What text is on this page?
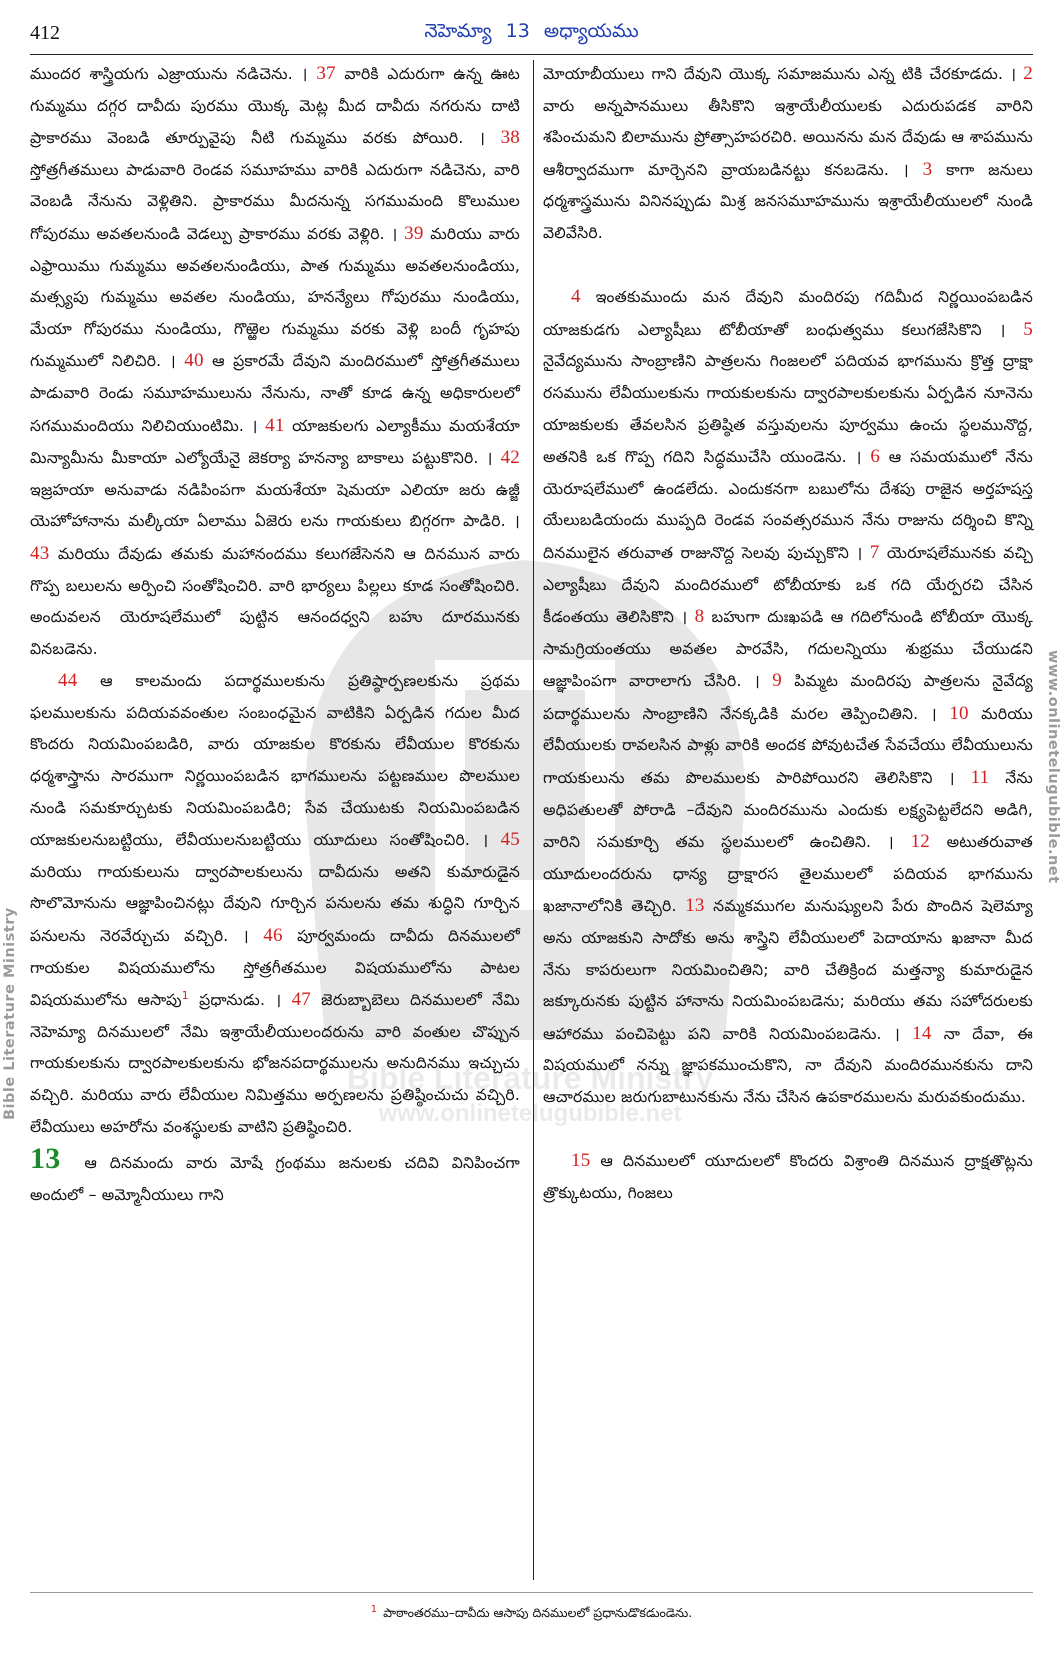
412	నెహెమ్యా 13 అధ్యాయము
Bible Literature Ministry
www.onlinetelugubible.net
Bible Literature Ministry
www.onlinetelugubible.net

ముందర శాస్త్రియగు ఎజ్రాయును నడిచెను. । 37 వారికి ఎదురుగా ఉన్న ఊట గుమ్మము దగ్గర దావీదు పురము యొక్క మెట్ల మీద దావీదు నగరును దాటి ప్రాకారము వెంబడి తూర్పువైపు నీటి గుమ్మము వరకు పోయిరి. । 38 స్తోత్రగీతములు పాడువారి రెండవ సమూహము వారికి ఎదురుగా నడిచెను, వారి వెంబడి నేనును వెళ్లితిని. ప్రాకారము మీదనున్న సగముమంది కొలుముల గోపురము అవతలనుండి వెడల్పు ప్రాకారము వరకు వెళ్లిరి. । 39 మరియు వారు ఎఫ్రాయిము గుమ్మము అవతలనుండియు, పాత గుమ్మము అవతలనుండియు, మత్స్యపు గుమ్మము అవతల నుండియు, హనన్యేలు గోపురము నుండియు, మేయా గోపురము నుండియు, గొఱ్ఱెల గుమ్మము వరకు వెళ్లి బందీ గృహపు గుమ్మములో నిలిచిరి. । 40 ఆ ప్రకారమే దేవుని మందిరములో స్తోత్రగీతములు పాడువారి రెండు సమూహములును నేనును, నాతో కూడ ఉన్న అధికారులలో సగముమందియు నిలిచియుంటిమి. । 41 యాజకులగు ఎల్యాకీము మయశేయా మిన్యామీను మీకాయా ఎల్యోయేనై జెకర్యా హనన్యా బాకాలు పట్టుకొనిరి. । 42 ఇజ్రహయా అనువాడు నడిపింపగా మయశేయా షెమయా ఎలియా జరు ఉజ్జీ యెహోహానాను మల్కీయా ఏలాము ఏజెరు లను గాయకులు బిగ్గరగా పాడిరి. । 43 మరియు దేవుడు తమకు మహానందము కలుగజేసెనని ఆ దినమున వారు గొప్ప బలులను అర్పించి సంతోషించిరి. వారి భార్యలు పిల్లలు కూడ సంతోషించిరి. అందువలన యెరూషలేములో పుట్టిన ఆనందధ్వని బహు దూరమునకు వినబడెను.

44 ఆ కాలమందు పదార్థములకును ప్రతిష్ఠార్పణలకును ప్రథమ ఫలములకును పదియవవంతుల సంబంధమైన వాటికిని ఏర్పడిన గదుల మీద కొందరు నియమింపబడిరి, వారు యాజకుల కొరకును లేవీయుల కొరకును ధర్మశాస్త్రాను సారముగా నిర్ణయింపబడిన భాగములను పట్టణముల పొలముల నుండి సమకూర్చుటకు నియమింపబడిరి; సేవ చేయుటకు నియమింపబడిన యాజకులనుబట్టియు, లేవీయులనుబట్టియు యూదులు సంతోషించిరి. । 45 మరియు గాయకులును ద్వారపాలకులును దావీదును అతని కుమారుడైన సొలొమోనును ఆజ్ఞాపించినట్లు దేవుని గూర్చిన పనులను తమ శుద్ధిని గూర్చిన పనులను నెరవేర్చుచు వచ్చిరి. । 46 పూర్వమందు దావీదు దినములలో గాయకుల విషయములోను స్తోత్రగీతముల విషయములోను పాటల విషయములోను ఆసాపు$^1$ ప్రధానుడు. । 47 జెరుబ్బాబెలు దినములలో నేమి నెహెమ్యా దినములలో నేమి ఇశ్రాయేలీయులందరును వారి వంతుల చొప్పున గాయకులకును ద్వారపాలకులకును భోజనపదార్థములను అనుదినము ఇచ్చుచు వచ్చిరి. మరియు వారు లేవీయుల నిమిత్తము అర్పణలను ప్రతిష్ఠించుచు వచ్చిరి. లేవీయులు అహరోను వంశస్థులకు వాటిని ప్రతిష్ఠించిరి.

13 ఆ దినమందు వారు మోషే గ్రంథము జనులకు చదివి వినిపించగా అందులో – అమ్మోనీయులు గాని

మోయాబీయులు గాని దేవుని యొక్క సమాజమును ఎన్న టికి చేరకూడదు. । 2 వారు అన్నపానములు తీసికొని ఇశ్రాయేలీయులకు ఎదురుపడక వారిని శపించుమని బిలామును ప్రోత్సాహపరచిరి. అయినను మన దేవుడు ఆ శాపమును ఆశీర్వాదముగా మార్చెనని వ్రాయబడినట్టు కనబడెను. । 3 కాగా జనులు ధర్మశాస్త్రమును వినినప్పుడు మిశ్ర జనసమూహమును ఇశ్రాయేలీయులలో నుండి వెలివేసిరి.

4 ఇంతకుముందు మన దేవుని మందిరపు గదిమీద నిర్ణయింపబడిన యాజకుడగు ఎల్యాషీబు టోబీయాతో బంధుత్వము కలుగజేసికొని । 5 నైవేద్యమును సాంబ్రాణిని పాత్రలను గింజలలో పదియవ భాగమును క్రొత్త ద్రాక్షా రసమును లేవీయులకును గాయకులకును ద్వారపాలకులకును ఏర్పడిన నూనెను యాజకులకు తేవలసిన ప్రతిష్ఠిత వస్తువులను పూర్వము ఉంచు స్థలమునొద్ద, అతనికి ఒక గొప్ప గదిని సిద్ధముచేసి యుండెను. । 6 ఆ సమయములో నేను యెరూషలేములో ఉండలేదు. ఎందుకనగా బబులోను దేశపు రాజైన అర్తహషస్త యేలుబడియందు ముప్పది రెండవ సంవత్సరమున నేను రాజును దర్శించి కొన్ని దినములైన తరువాత రాజునొద్ద సెలవు పుచ్చుకొని । 7 యెరూషలేమునకు వచ్చి ఎల్యాషీబు దేవుని మందిరములో టోబీయాకు ఒక గది యేర్పరచి చేసిన కీడంతయు తెలిసికొని । 8 బహుగా దుఃఖపడి ఆ గదిలోనుండి టోబీయా యొక్క సామగ్రియంతయు అవతల పారవేసి, గదులన్నియు శుభ్రము చేయుడని ఆజ్ఞాపింపగా వారాలాగు చేసిరి. । 9 పిమ్మట మందిరపు పాత్రలను నైవేద్య పదార్థములను సాంబ్రాణిని నేనక్కడికి మరల తెప్పించితిని. । 10 మరియు లేవీయులకు రావలసిన పాళ్లు వారికి అందక పోవుటచేత సేవచేయు లేవీయులును గాయకులును తమ పొలములకు పారిపోయిరని తెలిసికొని । 11 నేను అధిపతులతో పోరాడి –దేవుని మందిరమును ఎందుకు లక్ష్యపెట్టలేదని అడిగి, వారిని సమకూర్చి తమ స్థలములలో ఉంచితిని. । 12 అటుతరువాత యూదులందరును ధాన్య ద్రాక్షారస తైలములలో పదియవ భాగమును ఖజానాలోనికి తెచ్చిరి. 13 నమ్మకముగల మనుష్యులని పేరు పొందిన షెలెమ్యా అను యాజకుని సాదోకు అను శాస్త్రిని లేవీయులలో పెదాయాను ఖజానా మీద నేను కాపరులుగా నియమించితిని; వారి చేతిక్రింద మత్తన్యా కుమారుడైన జక్కూరునకు పుట్టిన హానాను నియమింపబడెను; మరియు తమ సహోదరులకు ఆహారము పంచిపెట్టు పని వారికి నియమింపబడెను. । 14 నా దేవా, ఈ విషయములో నన్ను జ్ఞాపకముంచుకొని, నా దేవుని మందిరమునకును దాని ఆచారముల జరుగుబాటునకును నేను చేసిన ఉపకారములను మరువకుందుము.

15 ఆ దినములలో యూదులలో కొందరు విశ్రాంతి దినమున ద్రాక్షతొట్లను త్రొక్కుటయు, గింజలు

$^1$ పాఠాంతరము–దావీదు ఆసాపు దినములలో ప్రధానుడొకడుండెను.
